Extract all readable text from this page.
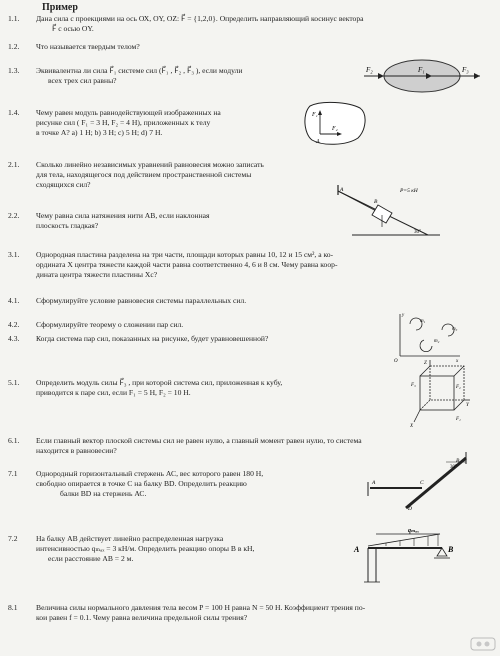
Пример
1.1.	Дана сила с проекциями на ось ОХ, ОY, OZ: F⃗ = {1,2,0}. Определить направляющий косинус вектора
F⃗ с осью ОY.
1.2.	Что называется твердым телом?
1.3.	Эквивалентна ли сила F⃗₁ системе сил (F⃗₁ , F⃗₂ , F⃗₃ ), если модули
всех трех сил равны?
F₂	F₁	F₃
1.4.	Чему равен модуль равнодействующей изображенных на
рисунке сил ( F₁ = 3 Н, F₂ = 4 Н), приложенных к телу
в точке А? а) 1 Н; b) 3 Н; с) 5 Н; d) 7 Н.
F₁
F₂
A
2.1.	Сколько линейно независимых уравнений равновесия можно записать
для тела, находящегося под действием пространственной системы
сходящихся сил?
A
B
P=5 кН
30°
2.2.	Чему равна сила натяжения нити АВ, если наклонная
плоскость гладкая?
3.1.	Однородная пластина разделена на три части, площади которых равны 10, 12 и 15 см², а ко-
ордината Х центра тяжести каждой части равна соответственно 4, 6 и 8 см. Чему равна коор-
дината центра тяжести пластины Xc?
4.1.	Сформулируйте условие равновесия системы параллельных сил.
4.2.	Сформулируйте теорему о сложении пар сил.
4.3.	Когда система пар сил, показанных на рисунке, будет уравновешенной?
y
m₁
m₂
m₃
O	x
5.1.	Определить модуль силы F⃗₃ , при которой система сил, приложенная к кубу,
приводится к паре сил, если F₁ = 5 Н, F₂ = 10 Н.
Z
F₃	F₂
F₁
Y
X
6.1.	Если главный вектор плоской системы сил не равен нулю, а главный момент равен нулю, то система
находится в равновесии?
7.1	Однородный горизонтальный стержень АС, вес которого равен 180 Н,
свободно опирается в точке С на балку ВD. Определить реакцию
балки ВD на стержень АС.
30°
B
C
A
D
7.2	На балку АВ действует линейно распределенная нагрузка
интенсивностью qₘₐₓ = 3 кН/м. Определить реакцию опоры В в кН,
если расстояние АВ = 2 м.
qₘₐₓ
A	B
8.1	Величина силы нормального давления тела весом P = 100 Н равна N = 50 Н. Коэффициент трения по-
кои равен f = 0.1. Чему равна величина предельной силы трения?
